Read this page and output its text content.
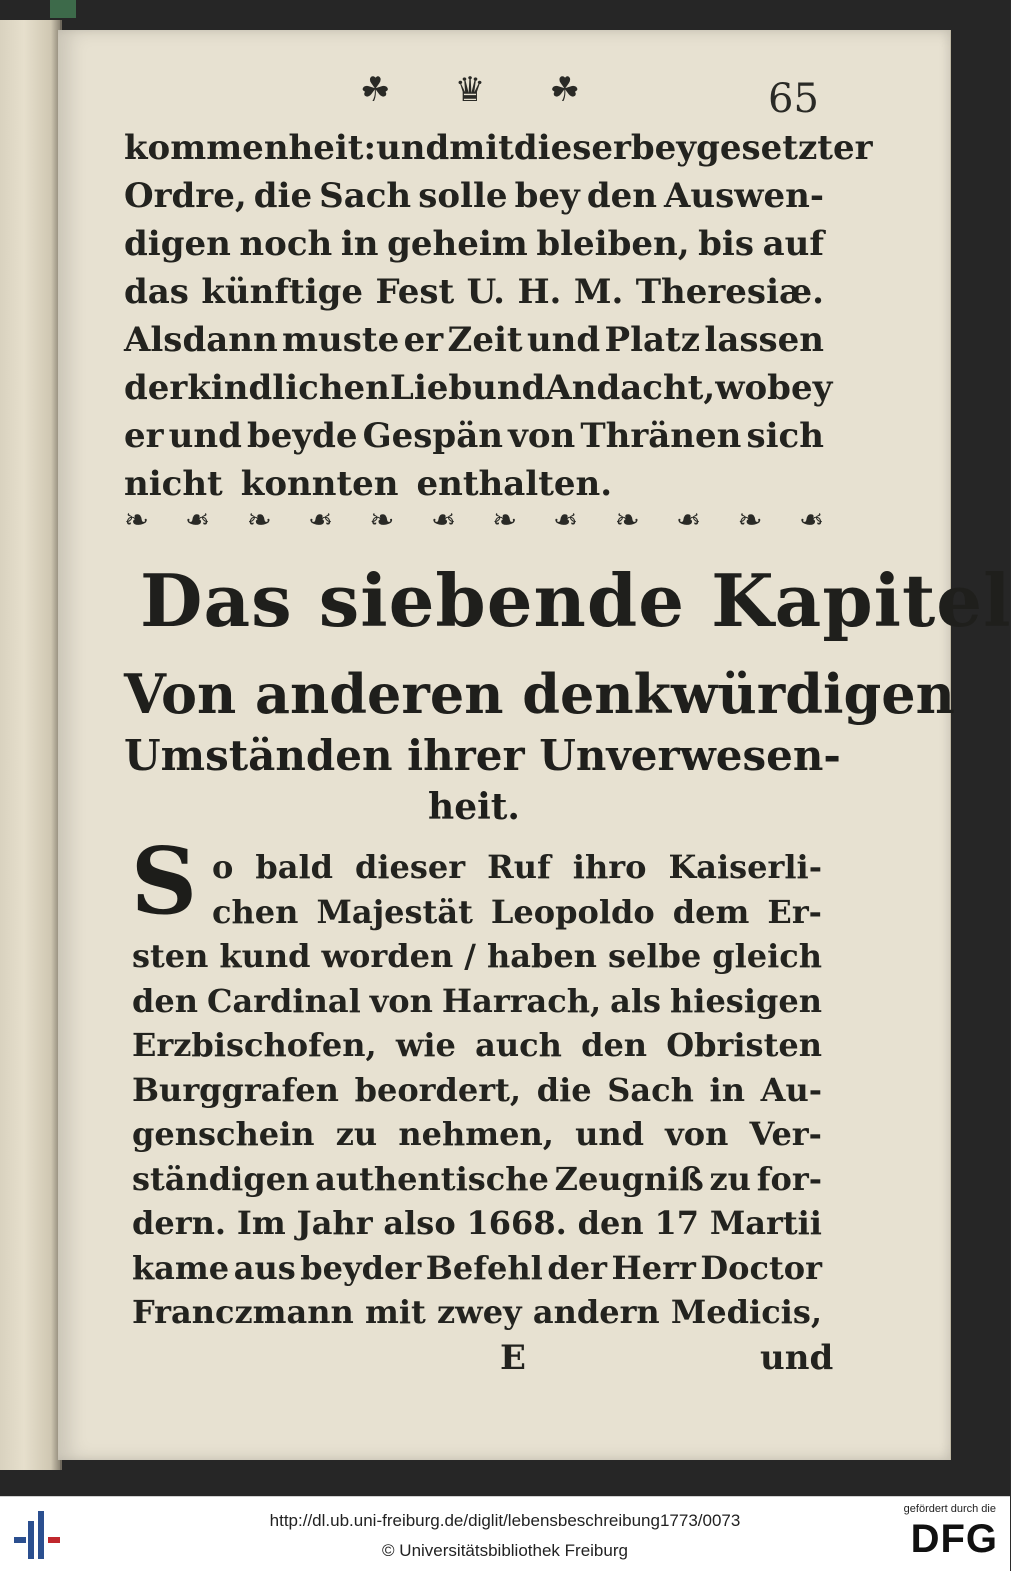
☘ ♛ ☘	65
kommenheit: und mit dieser beygesetzter
Ordre, die Sach solle bey den Auswen-
digen noch in geheim bleiben, bis auf
das künftige Fest U. H. M. Theresiæ.
Alsdann muste er Zeit und Platz lassen
der kindlichen Lieb und Andacht, wobey
er und beyde Gespän von Thränen sich
nicht konnten enthalten.
❧ ❧ ❧ ❧ ❧ ❧ ❧ ❧ ❧ ❧ ❧ ❧
Das siebende Kapitel
Von anderen denkwürdigen
Umständen ihrer Unverwesen-
heit.
S o bald dieser Ruf ihro Kaiserli-
chen Majestät Leopoldo dem Er-
sten kund worden / haben selbe gleich
den Cardinal von Harrach, als hiesigen
Erzbischofen, wie auch den Obristen
Burggrafen beordert, die Sach in Au-
genschein zu nehmen, und von Ver-
ständigen authentische Zeugniß zu for-
dern. Im Jahr also 1668. den 17 Martii
kame aus beyder Befehl der Herr Doctor
Franczmann mit zwey andern Medicis,
E	und
http://dl.ub.uni-freiburg.de/diglit/lebensbeschreibung1773/0073
© Universitätsbibliothek Freiburg
gefördert durch die
DFG
